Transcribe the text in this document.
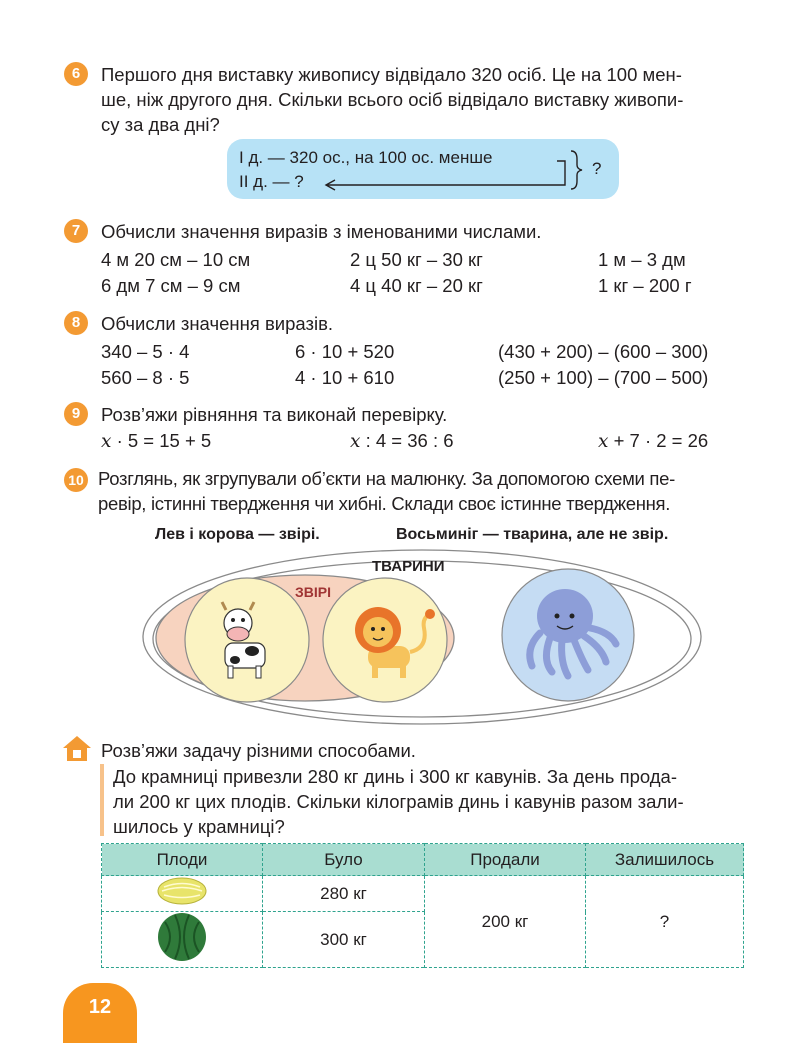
6	Першого дня виставку живопису відвідало 320 осіб. Це на 100 мен-
ше, ніж другого дня. Скільки всього осіб відвідало виставку живопи-
су за два дні?
І д. — 320 ос., на 100 ос. менше
ІІ д. — ?
?
7	Обчисли значення виразів з іменованими числами.
4 м 20 см – 10 см	2 ц 50 кг – 30 кг	1 м – 3 дм
6 дм 7 см – 9 см	4 ц 40 кг – 20 кг	1 кг – 200 г
8	Обчисли значення виразів.
340 – 5 · 4	6 · 10 + 520	(430 + 200) – (600 – 300)
560 – 8 · 5	4 · 10 + 610	(250 + 100) – (700 – 500)
9	Розв’яжи рівняння та виконай перевірку.
x · 5 = 15 + 5	x : 4 = 36 : 6	x + 7 · 2 = 26
10 Розглянь, як згрупували об’єкти на малюнку. За допомогою схеми пе-
ревір, істинні твердження чи хибні. Склади своє істинне твердження.
Лев і корова — звірі.	Восьминіг — тварина, але не звір.
ТВАРИНИ
ЗВІРІ
Розв’яжи задачу різними способами.
До крамниці привезли 280 кг динь і 300 кг кавунів. За день прода-
ли 200 кг цих плодів. Скільки кілограмів динь і кавунів разом зали-
шилось у крамниці?
Плоди	Було	Продали	Залишилось
	280 кг	200 кг	?
	300 кг		
12
